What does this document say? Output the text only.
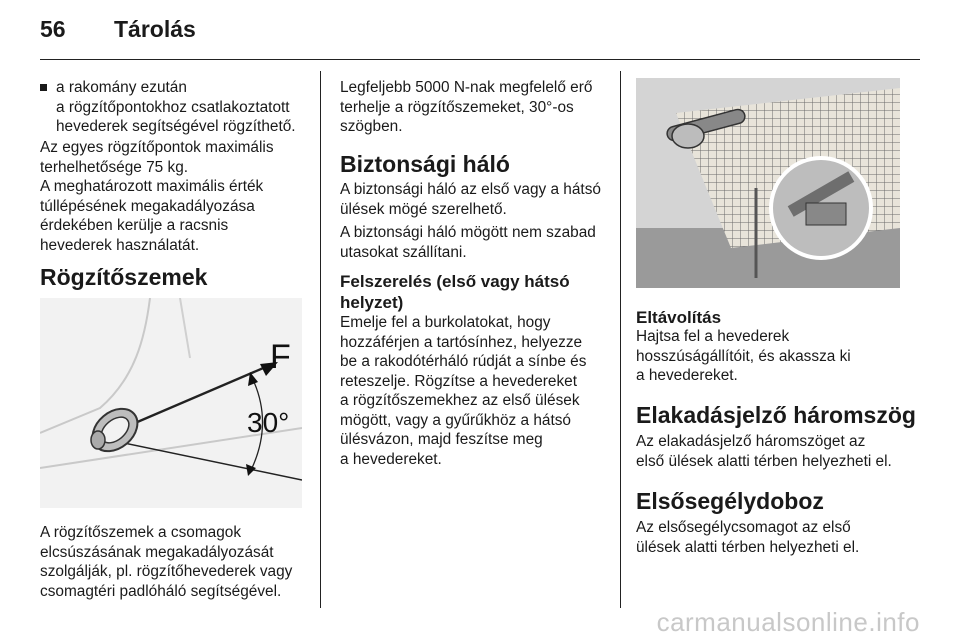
56 Tárolás
a rakomány ezután
a rögzítőpontokhoz csatlakoztatott
hevederek segítségével rögzíthető.
Az egyes rögzítőpontok maximális
terhelhetősége 75 kg.
A meghatározott maximális érték
túllépésének megakadályozása
érdekében kerülje a racsnis
hevederek használatát.
Rögzítőszemek
F
30°
A rögzítőszemek a csomagok
elcsúszásának megakadályozását
szolgálják, pl. rögzítőhevederek vagy
csomagtéri padlóháló segítségével.
Legfeljebb 5000 N-nak megfelelő erő
terhelje a rögzítőszemeket, 30°-os
szögben.
Biztonsági háló
A biztonsági háló az első vagy a hátsó
ülések mögé szerelhető.
A biztonsági háló mögött nem szabad
utasokat szállítani.
Felszerelés (első vagy hátsó
helyzet)
Emelje fel a burkolatokat, hogy
hozzáférjen a tartósínhez, helyezze
be a rakodótérháló rúdját a sínbe és
reteszelje. Rögzítse a hevedereket
a rögzítőszemekhez az első ülések
mögött, vagy a gyűrűkhöz a hátsó
ülésvázon, majd feszítse meg
a hevedereket.
Eltávolítás
Hajtsa fel a hevederek
hosszúságállítóit, és akassza ki
a hevedereket.
Elakadásjelző háromszög
Az elakadásjelző háromszöget az
első ülések alatti térben helyezheti el.
Elsősegélydoboz
Az elsősegélycsomagot az első
ülések alatti térben helyezheti el.
carmanualsonline.info
